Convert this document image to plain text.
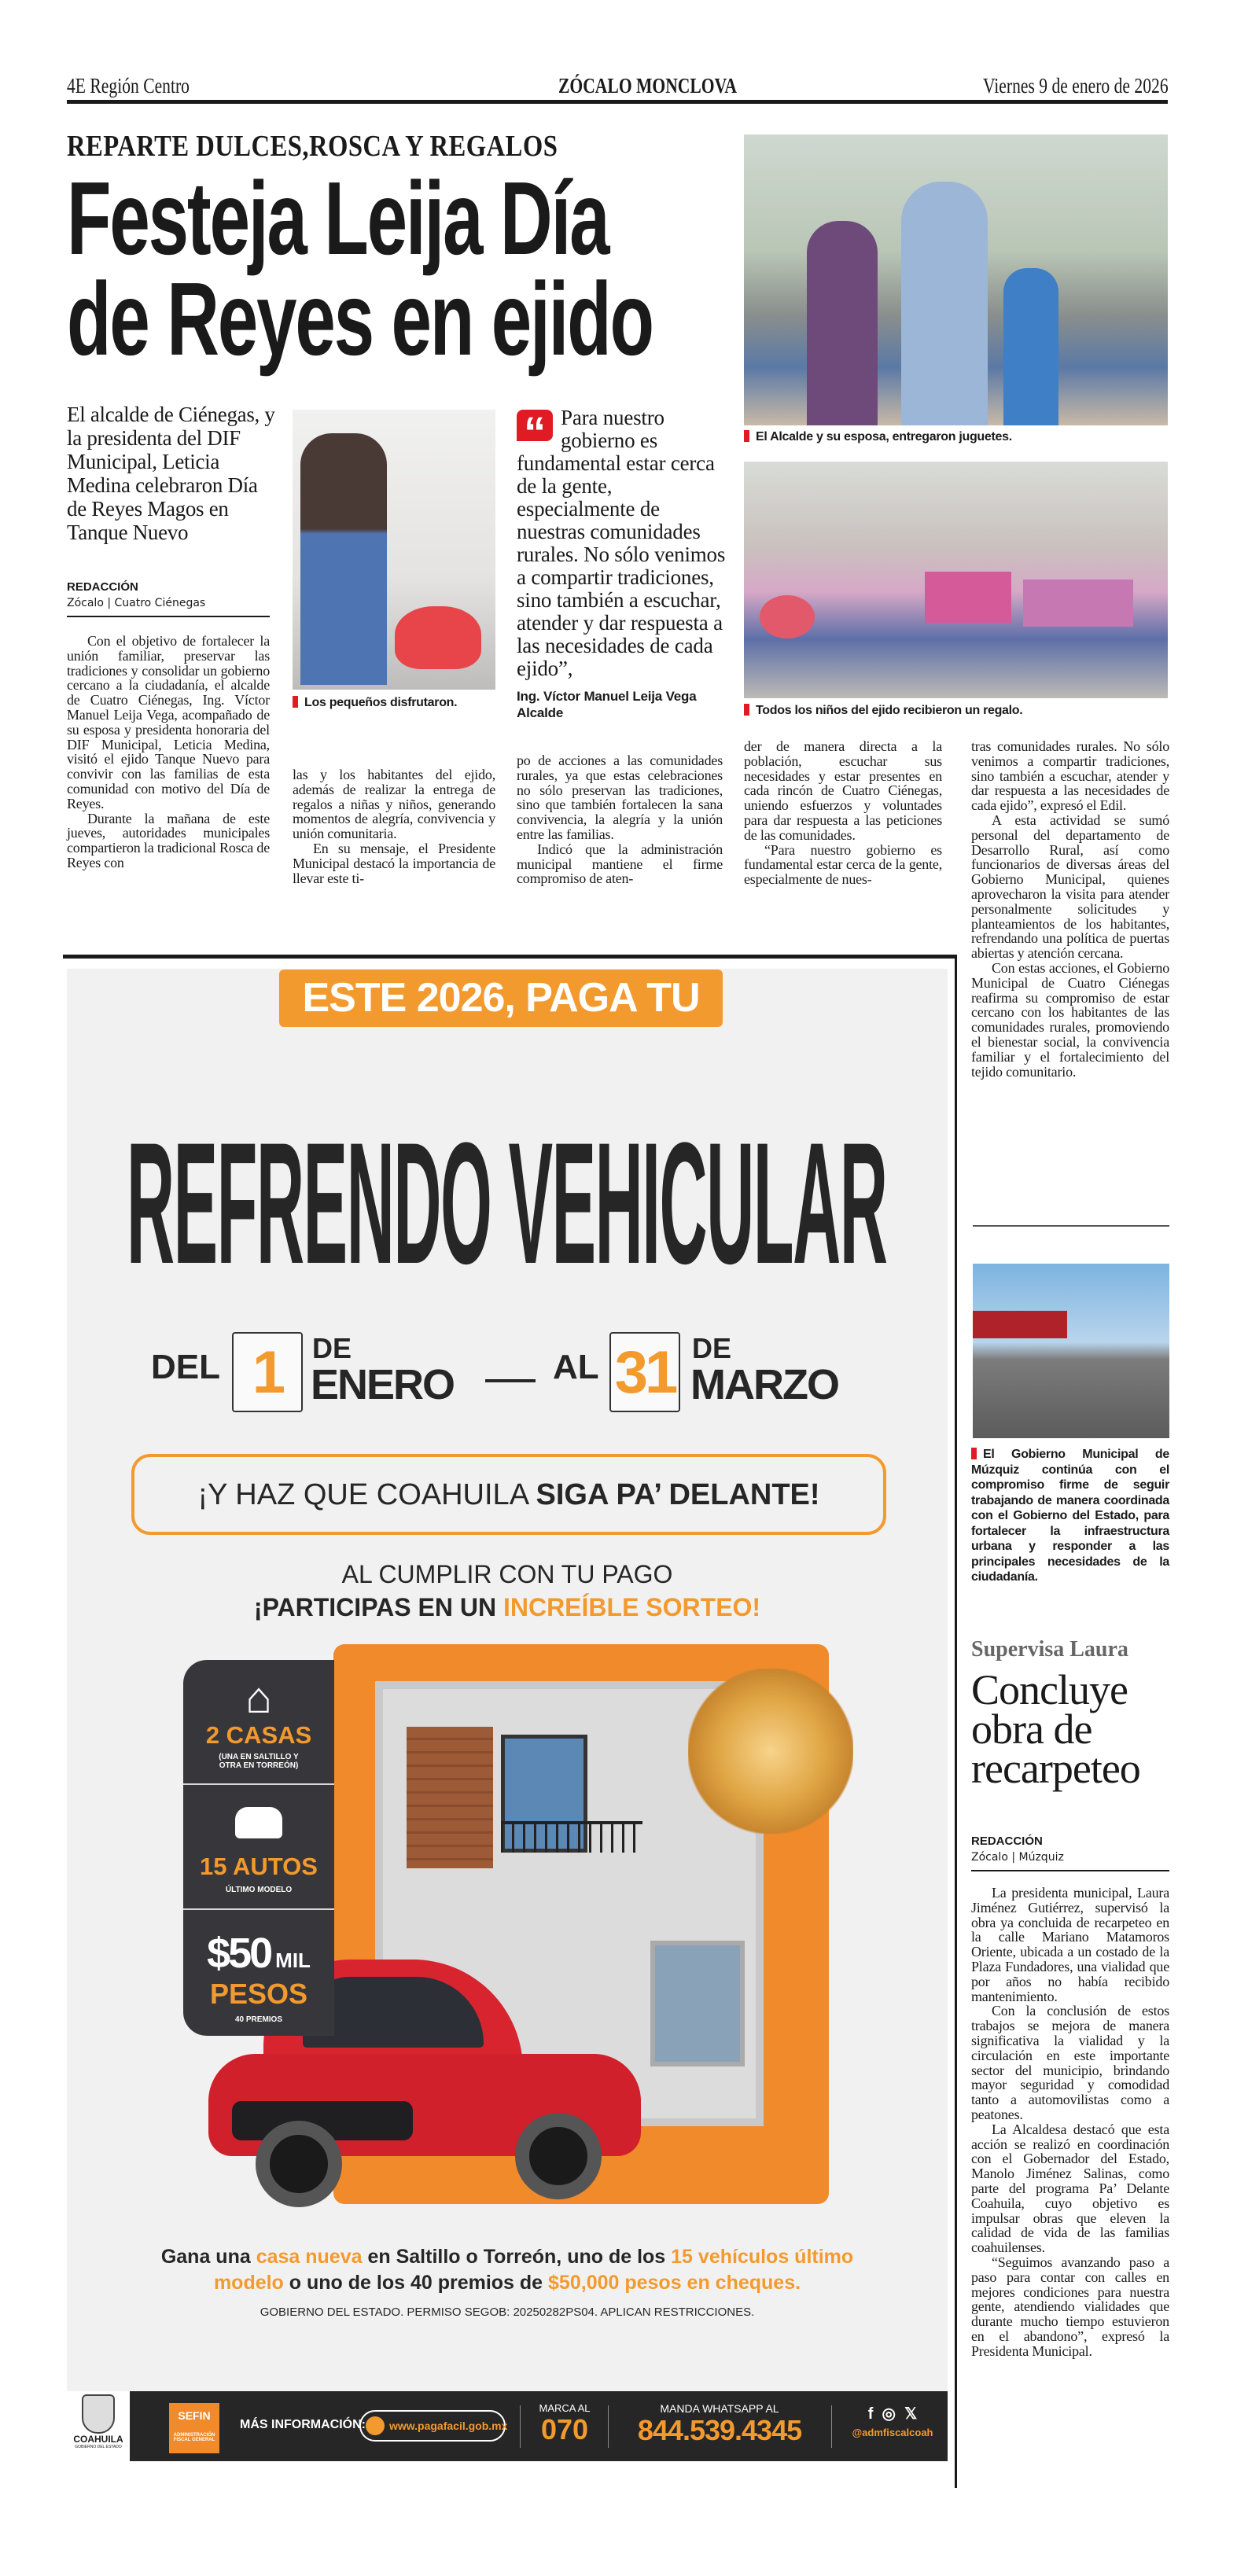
4E Región Centro	ZÓCALO MONCLOVA	Viernes 9 de enero de 2026
REPARTE DULCES,ROSCA Y REGALOS
Festeja Leija Día
de Reyes en ejido
El alcalde de Ciénegas, y la presidenta del DIF Municipal, Leticia Medina celebraron Día de Reyes Magos en Tanque Nuevo
REDACCIÓN
Zócalo | Cuatro Ciénegas
El Alcalde y su esposa, entregaron juguetes.
Todos los niños del ejido recibieron un regalo.
Los pequeños disfrutaron.
“ Para nuestro gobierno es fundamental estar cerca de la gente, especialmente de nuestras comunidades rurales. No sólo venimos a compartir tradiciones, sino también a escuchar, atender y dar respuesta a las necesidades de cada ejido”,
Ing. Víctor Manuel Leija Vega
Alcalde

Con el objetivo de fortalecer la unión familiar, preservar las tradiciones y consolidar un gobierno cercano a la ciudadanía, el alcalde de Cuatro Ciénegas, Ing. Víctor Manuel Leija Vega, acompañado de su esposa y presidenta honoraria del DIF Municipal, Leticia Medina, visitó el ejido Tanque Nuevo para convivir con las familias de esta comunidad con motivo del Día de Reyes.

Durante la mañana de este jueves, autoridades municipales compartieron la tradicional Rosca de Reyes con

las y los habitantes del ejido, además de realizar la entrega de regalos a niñas y niños, generando momentos de alegría, convivencia y unión comunitaria.

En su mensaje, el Presidente Municipal destacó la importancia de llevar este ti-

po de acciones a las comunidades rurales, ya que estas celebraciones no sólo preservan las tradiciones, sino que también fortalecen la sana convivencia, la alegría y la unión entre las familias.

Indicó que la administración municipal mantiene el firme compromiso de aten-

der de manera directa a la población, escuchar sus necesidades y estar presentes en cada rincón de Cuatro Ciénegas, uniendo esfuerzos y voluntades para dar respuesta a las peticiones de las comunidades.

“Para nuestro gobierno es fundamental estar cerca de la gente, especialmente de nues-

tras comunidades rurales. No sólo venimos a compartir tradiciones, sino también a escuchar, atender y dar respuesta a las necesidades de cada ejido”, expresó el Edil.

A esta actividad se sumó personal del departamento de Desarrollo Rural, así como funcionarios de diversas áreas del Gobierno Municipal, quienes aprovecharon la visita para atender personalmente solicitudes y planteamientos de los habitantes, refrendando una política de puertas abiertas y atención cercana.

Con estas acciones, el Gobierno Municipal de Cuatro Ciénegas reafirma su compromiso de estar cercano con los habitantes de las comunidades rurales, promoviendo el bienestar social, la convivencia familiar y el fortalecimiento del tejido comunitario.

ESTE 2026, PAGA TU
REFRENDO VEHICULAR
DEL 1	DE
ENERO	AL 31 DE
MARZO
¡Y HAZ QUE COAHUILA SIGA PA’ DELANTE!
AL CUMPLIR CON TU PAGO
¡PARTICIPAS EN UN INCREÍBLE SORTEO!
⌂
2 CASAS
(UNA EN SALTILLO Y OTRA EN TORREÓN)
15 AUTOS
ÚLTIMO MODELO
$50 MIL
PESOS
40 PREMIOS
Gana una casa nueva en Saltillo o Torreón, uno de los 15 vehículos último modelo o uno de los 40 premios de $50,000 pesos en cheques.
GOBIERNO DEL ESTADO. PERMISO SEGOB: 20250282PS04. APLICAN RESTRICCIONES.
COAHUILA
GOBIERNO DEL ESTADO
SEFIN
ADMINISTRACIÓN FISCAL GENERAL
MÁS INFORMACIÓN:	www.pagafacil.gob.mx
MARCA AL
070
MANDA WHATSAPP AL
844.539.4345	f ◎ 𝕏
@admfiscalcoah
El Gobierno Municipal de Múzquiz continúa con el compromiso firme de seguir trabajando de manera coordinada con el Gobierno del Estado, para fortalecer la infraestructura urbana y responder a las principales necesidades de la ciudadanía.
Supervisa Laura
Concluye obra de recarpeteo
REDACCIÓN
Zócalo | Múzquiz

La presidenta municipal, Laura Jiménez Gutiérrez, supervisó la obra ya concluida de recarpeteo en la calle Mariano Matamoros Oriente, ubicada a un costado de la Plaza Fundadores, una vialidad que por años no había recibido mantenimiento.

Con la conclusión de estos trabajos se mejora de manera significativa la vialidad y la circulación en este importante sector del municipio, brindando mayor seguridad y comodidad tanto a automovilistas como a peatones.

La Alcaldesa destacó que esta acción se realizó en coordinación con el Gobernador del Estado, Manolo Jiménez Salinas, como parte del programa Pa’ Delante Coahuila, cuyo objetivo es impulsar obras que eleven la calidad de vida de las familias coahuilenses.

“Seguimos avanzando paso a paso para contar con calles en mejores condiciones para nuestra gente, atendiendo vialidades que durante mucho tiempo estuvieron en el abandono”, expresó la Presidenta Municipal.
